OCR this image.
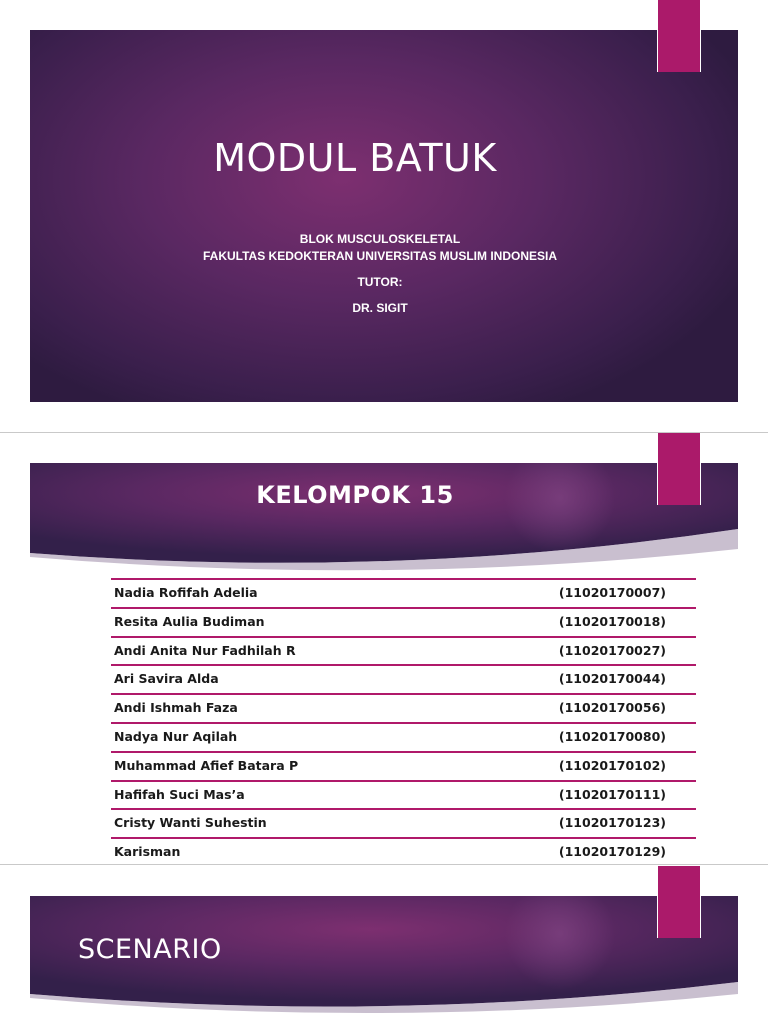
MODUL BATUK
BLOK MUSCULOSKELETAL
FAKULTAS KEDOKTERAN UNIVERSITAS MUSLIM INDONESIA
TUTOR:
DR. SIGIT
KELOMPOK 15
Nadia Rofifah Adelia	(11020170007)
Resita Aulia Budiman	(11020170018)
Andi Anita Nur Fadhilah R	(11020170027)
Ari Savira Alda	(11020170044)
Andi Ishmah Faza	(11020170056)
Nadya Nur Aqilah	(11020170080)
Muhammad Afief Batara P	(11020170102)
Hafifah Suci Mas’a	(11020170111)
Cristy Wanti Suhestin	(11020170123)
Karisman	(11020170129)
SCENARIO
